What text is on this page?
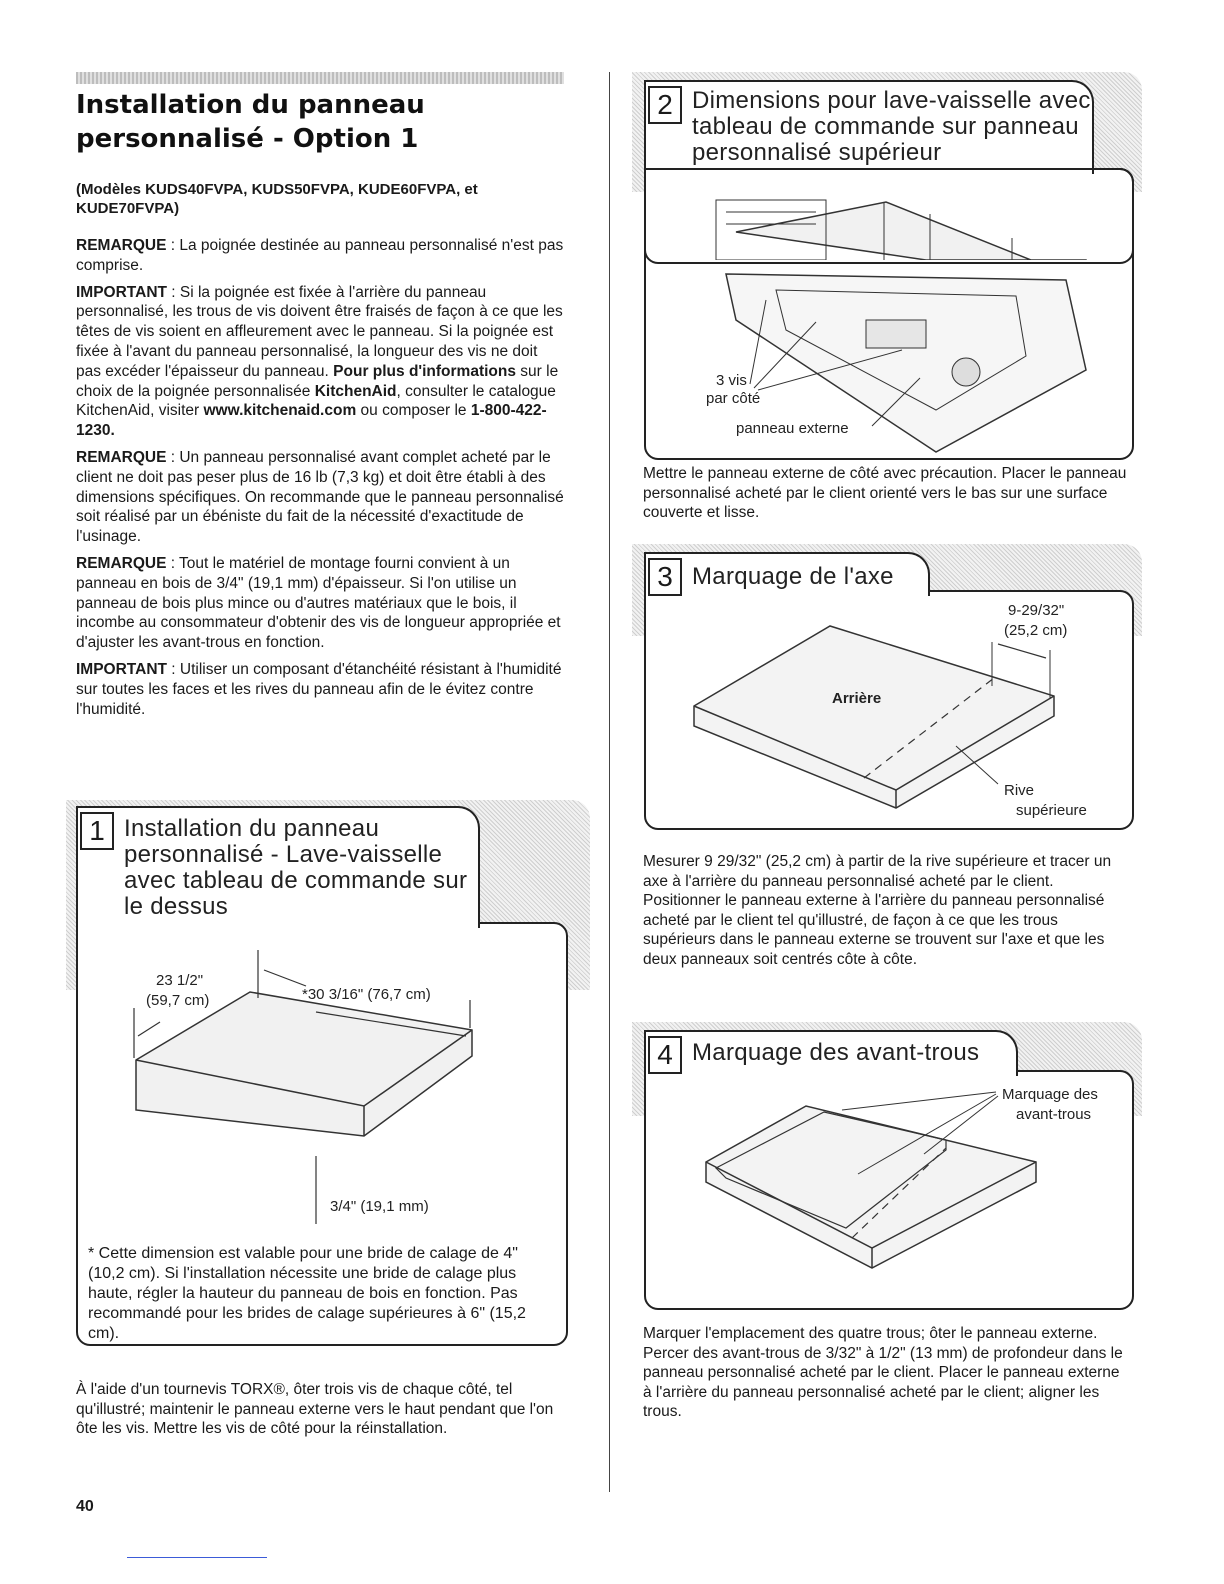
Installation du panneau personnalisé - Option 1

(Modèles KUDS40FVPA, KUDS50FVPA, KUDE60FVPA, et KUDE70FVPA)

REMARQUE : La poignée destinée au panneau personnalisé n'est pas comprise.

IMPORTANT : Si la poignée est fixée à l'arrière du panneau personnalisé, les trous de vis doivent être fraisés de façon à ce que les têtes de vis soient en affleurement avec le panneau. Si la poignée est fixée à l'avant du panneau personnalisé, la longueur des vis ne doit pas excéder l'épaisseur du panneau. Pour plus d'informations sur le choix de la poignée personnalisée KitchenAid, consulter le catalogue KitchenAid, visiter www.kitchenaid.com ou composer le 1-800-422-1230.

REMARQUE : Un panneau personnalisé avant complet acheté par le client ne doit pas peser plus de 16 lb (7,3 kg) et doit être établi à des dimensions spécifiques. On recommande que le panneau personnalisé soit réalisé par un ébéniste du fait de la nécessité d'exactitude de l'usinage.

REMARQUE : Tout le matériel de montage fourni convient à un panneau en bois de 3/4" (19,1 mm) d'épaisseur. Si l'on utilise un panneau de bois plus mince ou d'autres matériaux que le bois, il incombe au consommateur d'obtenir des vis de longueur appropriée et d'ajuster les avant-trous en fonction.

IMPORTANT : Utiliser un composant d'étanchéité résistant à l'humidité sur toutes les faces et les rives du panneau afin de le évitez contre l'humidité.

1 Installation du panneau personnalisé - Lave-vaisselle avec tableau de commande sur le dessus

23 1/2"
(59,7 cm)	*30 3/16" (76,7 cm)
3/4" (19,1 mm)

* Cette dimension est valable pour une bride de calage de 4" (10,2 cm). Si l'installation nécessite une bride de calage plus haute, régler la hauteur du panneau de bois en fonction. Pas recommandé pour les brides de calage supérieures à 6" (15,2 cm).

À l'aide d'un tournevis TORX®, ôter trois vis de chaque côté, tel qu'illustré; maintenir le panneau externe vers le haut pendant que l'on ôte les vis. Mettre les vis de côté pour la réinstallation.

2 Dimensions pour lave-vaisselle avec tableau de commande sur panneau personnalisé supérieur

3 vis
par côté
panneau externe

Mettre le panneau externe de côté avec précaution. Placer le panneau personnalisé acheté par le client orienté vers le bas sur une surface couverte et lisse.

3 Marquage de l'axe

9-29/32"
(25,2 cm)
Arrière
Rive
supérieure

Mesurer 9 29/32" (25,2 cm) à partir de la rive supérieure et tracer un axe à l'arrière du panneau personnalisé acheté par le client. Positionner le panneau externe à l'arrière du panneau personnalisé acheté par le client tel qu'illustré, de façon à ce que les trous supérieurs dans le panneau externe se trouvent sur l'axe et que les deux panneaux soit centrés côte à côte.

4 Marquage des avant-trous

Marquage des
avant-trous

Marquer l'emplacement des quatre trous; ôter le panneau externe. Percer des avant-trous de 3/32" à 1/2" (13 mm) de profondeur dans le panneau personnalisé acheté par le client. Placer le panneau externe à l'arrière du panneau personnalisé acheté par le client; aligner les trous.

40
